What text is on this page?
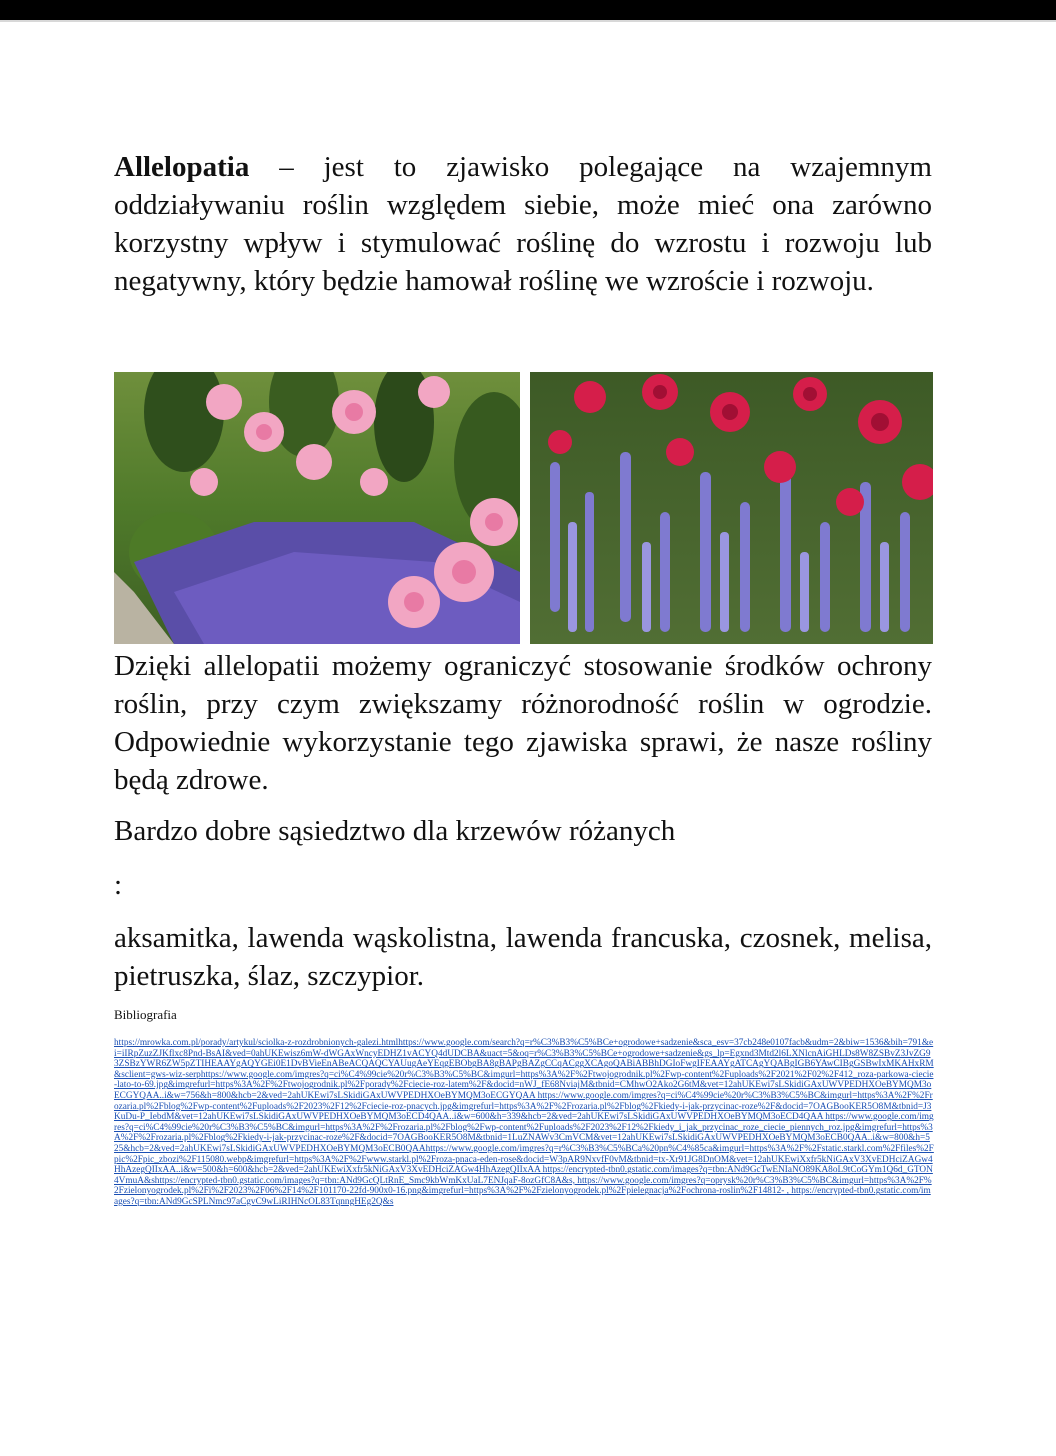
Allelopatia – jest to zjawisko polegające na wzajemnym oddziaływaniu roślin względem siebie, może mieć ona zarówno korzystny wpływ i stymulować roślinę do wzrostu i rozwoju lub negatywny, który będzie hamował roślinę we wzroście i rozwoju.

Dzięki allelopatii możemy ograniczyć stosowanie środków ochrony roślin, przy czym zwiększamy różnorodność roślin w ogrodzie. Odpowiednie wykorzystanie tego zjawiska sprawi, że nasze rośliny będą zdrowe.

Bardzo dobre sąsiedztwo dla krzewów różanych
:

aksamitka, lawenda wąskolistna, lawenda francuska, czosnek, melisa, pietruszka, ślaz, szczypior.

Bibliografia
https://mrowka.com.pl/porady/artykul/sciolka-z-rozdrobnionych-galezi.htmlhttps://www.google.com/search?q=r%C3%B3%C5%BCe+ogrodowe+sadzenie&sca_esv=37cb248e0107facb&udm=2&biw=1536&bih=791&ei=iIRpZuzZJKflxc8Pnd-BsAI&ved=0ahUKEwisz6mW-dWGAxWncyEDHZ1vACYQ4dUDCBA&uact=5&oq=r%C3%B3%C5%BCe+ogrodowe+sadzenie&gs_lp=Egxnd3Mtd2l6LXNlcnAiGHLDs8W8ZSBvZ3JvZG93ZSBzYWR6ZW5pZTIHEAAYgAQYGEi0E1DvBVieEnABeACQAQCYAUugAeYEqgEBObgBA8gBAPgBAZgCCqACggXCAgoQABiABBhDGIoFwgIFEAAYgATCAgYQABgIGB6YAwCIBgGSBwIxMKAHxRM&sclient=gws-wiz-serphttps://www.google.com/imgres?q=ci%C4%99cie%20r%C3%B3%C5%BC&imgurl=https%3A%2F%2Ftwojogrodnik.pl%2Fwp-content%2Fuploads%2F2021%2F02%2F412_roza-parkowa-ciecie-lato-to-69.jpg&imgrefurl=https%3A%2F%2Ftwojogrodnik.pl%2Fporady%2Fciecie-roz-latem%2F&docid=nWJ_fE68NviajM&tbnid=CMhwO2Ako2G6tM&vet=12ahUKEwi7sLSkidiGAxUWVPEDHXOeBYMQM3oECGYQAA..i&w=756&h=800&hcb=2&ved=2ahUKEwi7sLSkidiGAxUWVPEDHXOeBYMQM3oECGYQAA https://www.google.com/imgres?q=ci%C4%99cie%20r%C3%B3%C5%BC&imgurl=https%3A%2F%2Frozaria.pl%2Fblog%2Fwp-content%2Fuploads%2F2023%2F12%2Fciecie-roz-pnacych.jpg&imgrefurl=https%3A%2F%2Frozaria.pl%2Fblog%2Fkiedy-i-jak-przycinac-roze%2F&docid=7OAGBooKER5O8M&tbnid=J3KuDu-P_IebdM&vet=12ahUKEwi7sLSkidiGAxUWVPEDHXOeBYMQM3oECD4QAA..i&w=600&h=339&hcb=2&ved=2ahUKEwi7sLSkidiGAxUWVPEDHXOeBYMQM3oECD4QAA https://www.google.com/imgres?q=ci%C4%99cie%20r%C3%B3%C5%BC&imgurl=https%3A%2F%2Frozaria.pl%2Fblog%2Fwp-content%2Fuploads%2F2023%2F12%2Fkiedy_i_jak_przycinac_roze_ciecie_piennych_roz.jpg&imgrefurl=https%3A%2F%2Frozaria.pl%2Fblog%2Fkiedy-i-jak-przycinac-roze%2F&docid=7OAGBooKER5O8M&tbnid=1LuZNAWv3CmVCM&vet=12ahUKEwi7sLSkidiGAxUWVPEDHXOeBYMQM3oECB0QAA..i&w=800&h=525&hcb=2&ved=2ahUKEwi7sLSkidiGAxUWVPEDHXOeBYMQM3oECB0QAAhttps://www.google.com/imgres?q=r%C3%B3%C5%BCa%20pn%C4%85ca&imgurl=https%3A%2F%2Fstatic.starkl.com%2Ffiles%2Fpic%2Fpic_zbozi%2F115080.webp&imgrefurl=https%3A%2F%2Fwww.starkl.pl%2Froza-pnaca-eden-rose&docid=W3pAR9NxvfF0vM&tbnid=tx-Xr91JG8DnOM&vet=12ahUKEwiXxfr5kNiGAxV3XvEDHciZAGw4HhAzegQIIxAA..i&w=500&h=600&hcb=2&ved=2ahUKEwiXxfr5kNiGAxV3XvEDHciZAGw4HhAzegQIIxAA https://encrypted-tbn0.gstatic.com/images?q=tbn:ANd9GcTwENIaNO89KA8oL9tCoGYm1Q6d_GTON4VmuA&shttps://encrypted-tbn0.gstatic.com/images?q=tbn:ANd9GcQLtRnE_Smc9kbWmKxUaL7ENJqaF-8ozGfC8A&s, https://www.google.com/imgres?q=oprysk%20r%C3%B3%C5%BC&imgurl=https%3A%2F%2Fzielonyogrodek.pl%2Fi%2F2023%2F06%2F14%2F101170-22fd-900x0-16.png&imgrefurl=https%3A%2F%2Fzielonyogrodek.pl%2Fpielegnacja%2Fochrona-roslin%2F14812- , https://encrypted-tbn0.gstatic.com/images?q=tbn:ANd9GcSPLNmc97aCgvC9wLiRIHNcOL83TqnngHEg2Q&s
